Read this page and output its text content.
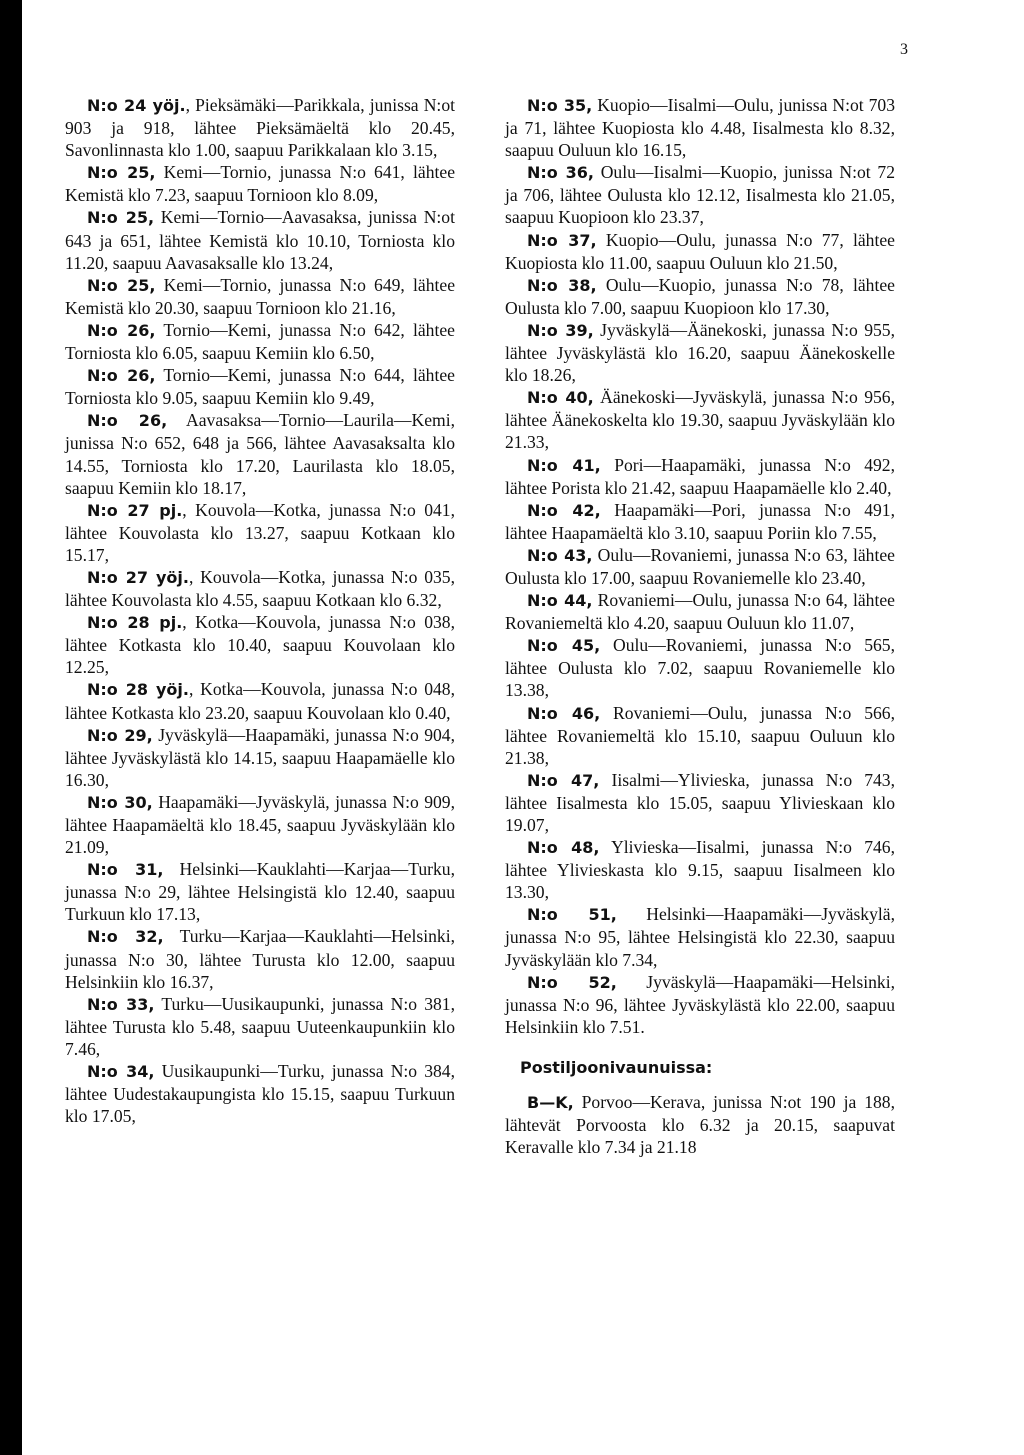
3

N:o 24 yöj., Pieksämäki—Parikkala, junissa N:ot 903 ja 918, lähtee Pieksämäeltä klo 20.45, Savonlinnasta klo 1.00, saapuu Parikkalaan klo 3.15,

N:o 25, Kemi—Tornio, junassa N:o 641, lähtee Kemistä klo 7.23, saapuu Tornioon klo 8.09,

N:o 25, Kemi—Tornio—Aavasaksa, junissa N:ot 643 ja 651, lähtee Kemistä klo 10.10, Torniosta klo 11.20, saapuu Aavasaksalle klo 13.24,

N:o 25, Kemi—Tornio, junassa N:o 649, lähtee Kemistä klo 20.30, saapuu Tornioon klo 21.16,

N:o 26, Tornio—Kemi, junassa N:o 642, lähtee Torniosta klo 6.05, saapuu Kemiin klo 6.50,

N:o 26, Tornio—Kemi, junassa N:o 644, lähtee Torniosta klo 9.05, saapuu Kemiin klo 9.49,

N:o 26, Aavasaksa—Tornio—Laurila—Kemi, junissa N:o 652, 648 ja 566, lähtee Aavasaksalta klo 14.55, Torniosta klo 17.20, Laurilasta klo 18.05, saapuu Kemiin klo 18.17,

N:o 27 pj., Kouvola—Kotka, junassa N:o 041, lähtee Kouvolasta klo 13.27, saapuu Kotkaan klo 15.17,

N:o 27 yöj., Kouvola—Kotka, junassa N:o 035, lähtee Kouvolasta klo 4.55, saapuu Kotkaan klo 6.32,

N:o 28 pj., Kotka—Kouvola, junassa N:o 038, lähtee Kotkasta klo 10.40, saapuu Kouvolaan klo 12.25,

N:o 28 yöj., Kotka—Kouvola, junassa N:o 048, lähtee Kotkasta klo 23.20, saapuu Kouvolaan klo 0.40,

N:o 29, Jyväskylä—Haapamäki, junassa N:o 904, lähtee Jyväskylästä klo 14.15, saapuu Haapamäelle klo 16.30,

N:o 30, Haapamäki—Jyväskylä, junassa N:o 909, lähtee Haapamäeltä klo 18.45, saapuu Jyväskylään klo 21.09,

N:o 31, Helsinki—Kauklahti—Karjaa—Turku, junassa N:o 29, lähtee Helsingistä klo 12.40, saapuu Turkuun klo 17.13,

N:o 32, Turku—Karjaa—Kauklahti—Helsinki, junassa N:o 30, lähtee Turusta klo 12.00, saapuu Helsinkiin klo 16.37,

N:o 33, Turku—Uusikaupunki, junassa N:o 381, lähtee Turusta klo 5.48, saapuu Uuteenkaupunkiin klo 7.46,

N:o 34, Uusikaupunki—Turku, junassa N:o 384, lähtee Uudestakaupungista klo 15.15, saapuu Turkuun klo 17.05,

N:o 35, Kuopio—Iisalmi—Oulu, junissa N:ot 703 ja 71, lähtee Kuopiosta klo 4.48, Iisalmesta klo 8.32, saapuu Ouluun klo 16.15,

N:o 36, Oulu—Iisalmi—Kuopio, junissa N:ot 72 ja 706, lähtee Oulusta klo 12.12, Iisalmesta klo 21.05, saapuu Kuopioon klo 23.37,

N:o 37, Kuopio—Oulu, junassa N:o 77, lähtee Kuopiosta klo 11.00, saapuu Ouluun klo 21.50,

N:o 38, Oulu—Kuopio, junassa N:o 78, lähtee Oulusta klo 7.00, saapuu Kuopioon klo 17.30,

N:o 39, Jyväskylä—Äänekoski, junassa N:o 955, lähtee Jyväskylästä klo 16.20, saapuu Äänekoskelle klo 18.26,

N:o 40, Äänekoski—Jyväskylä, junassa N:o 956, lähtee Äänekoskelta klo 19.30, saapuu Jyväskylään klo 21.33,

N:o 41, Pori—Haapamäki, junassa N:o 492, lähtee Porista klo 21.42, saapuu Haapamäelle klo 2.40,

N:o 42, Haapamäki—Pori, junassa N:o 491, lähtee Haapamäeltä klo 3.10, saapuu Poriin klo 7.55,

N:o 43, Oulu—Rovaniemi, junassa N:o 63, lähtee Oulusta klo 17.00, saapuu Rovaniemelle klo 23.40,

N:o 44, Rovaniemi—Oulu, junassa N:o 64, lähtee Rovaniemeltä klo 4.20, saapuu Ouluun klo 11.07,

N:o 45, Oulu—Rovaniemi, junassa N:o 565, lähtee Oulusta klo 7.02, saapuu Rovaniemelle klo 13.38,

N:o 46, Rovaniemi—Oulu, junassa N:o 566, lähtee Rovaniemeltä klo 15.10, saapuu Ouluun klo 21.38,

N:o 47, Iisalmi—Ylivieska, junassa N:o 743, lähtee Iisalmesta klo 15.05, saapuu Ylivieskaan klo 19.07,

N:o 48, Ylivieska—Iisalmi, junassa N:o 746, lähtee Ylivieskasta klo 9.15, saapuu Iisalmeen klo 13.30,

N:o 51, Helsinki—Haapamäki—Jyväskylä, junassa N:o 95, lähtee Helsingistä klo 22.30, saapuu Jyväskylään klo 7.34,

N:o 52, Jyväskylä—Haapamäki—Helsinki, junassa N:o 96, lähtee Jyväskylästä klo 22.00, saapuu Helsinkiin klo 7.51.

Postiljoonivaunuissa:

B—K, Porvoo—Kerava, junissa N:ot 190 ja 188, lähtevät Porvoosta klo 6.32 ja 20.15, saapuvat Keravalle klo 7.34 ja 21.18
